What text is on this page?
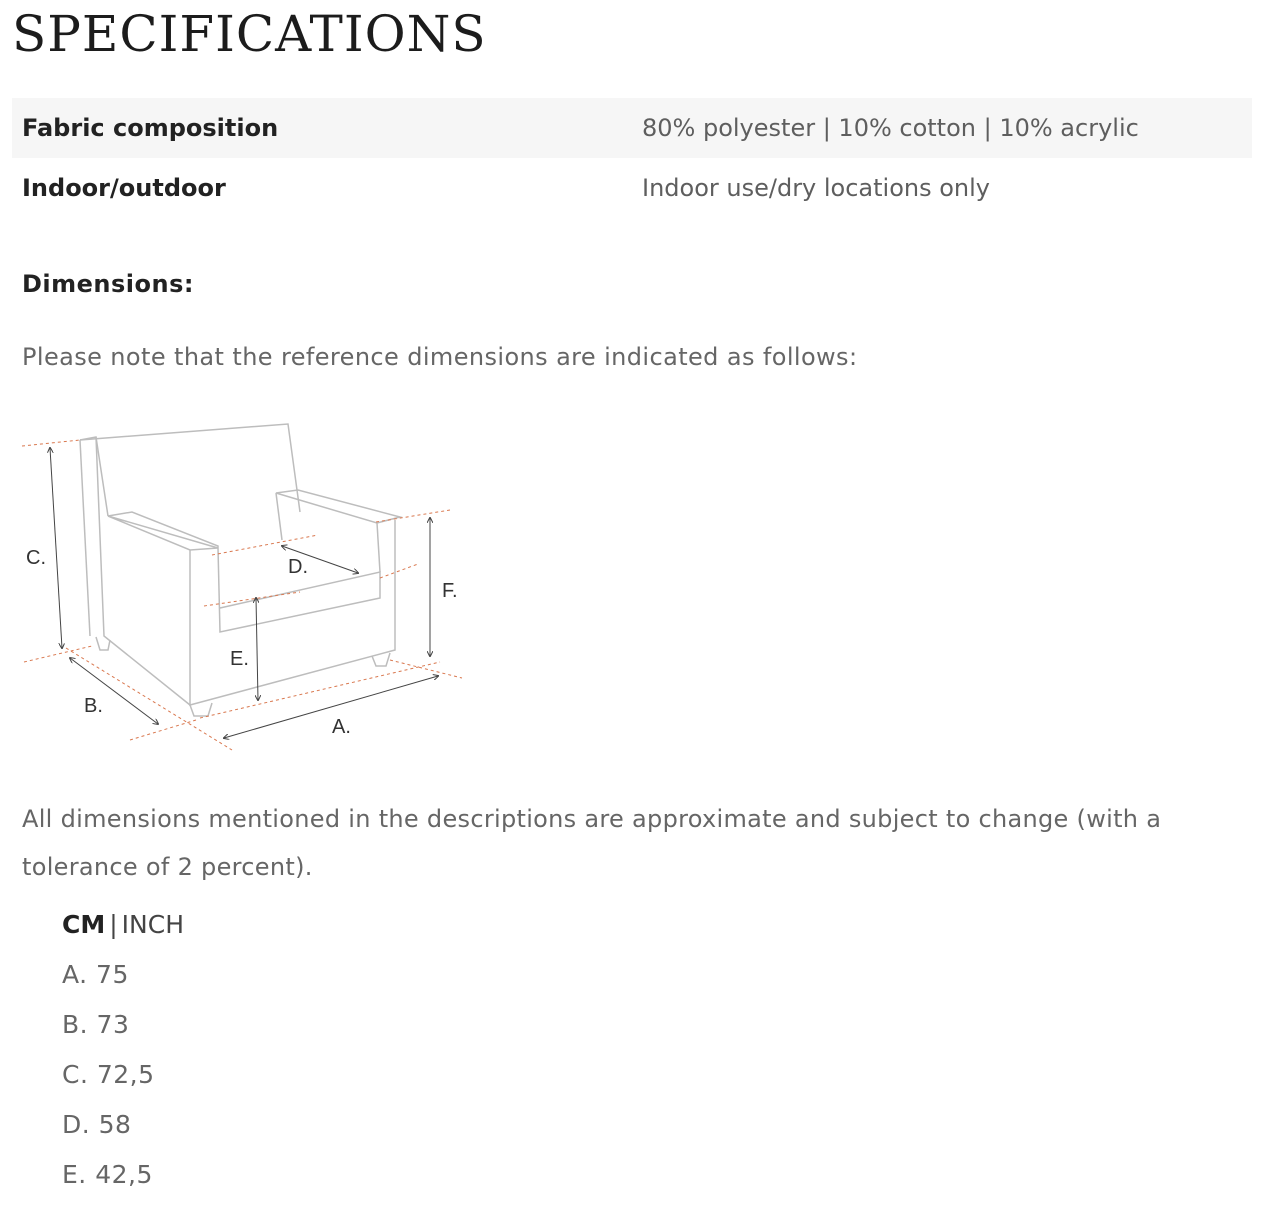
SPECIFICATIONS
Fabric composition	80% polyester | 10% cotton | 10% acrylic
Indoor/outdoor	Indoor use/dry locations only
Dimensions:

Please note that the reference dimensions are indicated as follows:

C.
B.
A.
D.
E.
F.

All dimensions mentioned in the descriptions are approximate and subject to change (with a tolerance of 2 percent).

CM | INCH
A. 75
B. 73
C. 72,5
D. 58
E. 42,5
